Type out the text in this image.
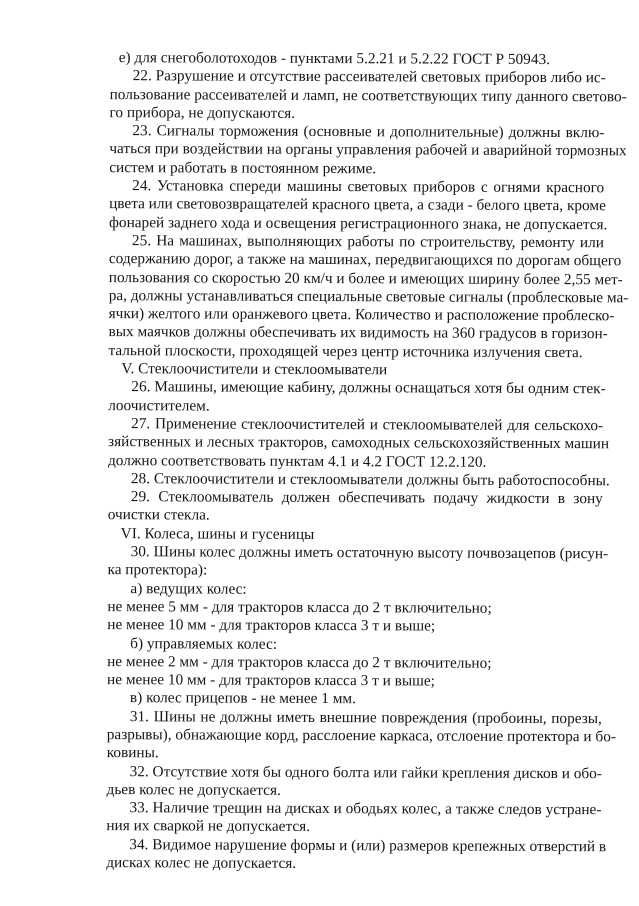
е) для снегоболотоходов - пунктами 5.2.21 и 5.2.22 ГОСТ Р 50943.
22. Разрушение и отсутствие рассеивателей световых приборов либо ис-
пользование рассеивателей и ламп, не соответствующих типу данного светово-
го прибора, не допускаются.
23. Сигналы торможения (основные и дополнительные) должны вклю-
чаться при воздействии на органы управления рабочей и аварийной тормозных
систем и работать в постоянном режиме.
24. Установка спереди машины световых приборов с огнями красного
цвета или световозвращателей красного цвета, а сзади - белого цвета, кроме
фонарей заднего хода и освещения регистрационного знака, не допускается.
25. На машинах, выполняющих работы по строительству, ремонту или
содержанию дорог, а также на машинах, передвигающихся по дорогам общего
пользования со скоростью 20 км/ч и более и имеющих ширину более 2,55 мет-
ра, должны устанавливаться специальные световые сигналы (проблесковые ма-
ячки) желтого или оранжевого цвета. Количество и расположение проблеско-
вых маячков должны обеспечивать их видимость на 360 градусов в горизон-
тальной плоскости, проходящей через центр источника излучения света.
V. Стеклоочистители и стеклоомыватели
26. Машины, имеющие кабину, должны оснащаться хотя бы одним стек-
лоочистителем.
27. Применение стеклоочистителей и стеклоомывателей для сельскохо-
зяйственных и лесных тракторов, самоходных сельскохозяйственных машин
должно соответствовать пунктам 4.1 и 4.2 ГОСТ 12.2.120.
28. Стеклоочистители и стеклоомыватели должны быть работоспособны.
29. Стеклоомыватель должен обеспечивать подачу жидкости в зону
очистки стекла.
VI. Колеса, шины и гусеницы
30. Шины колес должны иметь остаточную высоту почвозацепов (рисун-
ка протектора):
а) ведущих колес:
не менее 5 мм - для тракторов класса до 2 т включительно;
не менее 10 мм - для тракторов класса 3 т и выше;
б) управляемых колес:
не менее 2 мм - для тракторов класса до 2 т включительно;
не менее 10 мм - для тракторов класса 3 т и выше;
в) колес прицепов - не менее 1 мм.
31. Шины не должны иметь внешние повреждения (пробоины, порезы,
разрывы), обнажающие корд, расслоение каркаса, отслоение протектора и бо-
ковины.
32. Отсутствие хотя бы одного болта или гайки крепления дисков и обо-
дьев колес не допускается.
33. Наличие трещин на дисках и ободьях колес, а также следов устране-
ния их сваркой не допускается.
34. Видимое нарушение формы и (или) размеров крепежных отверстий в
дисках колес не допускается.
